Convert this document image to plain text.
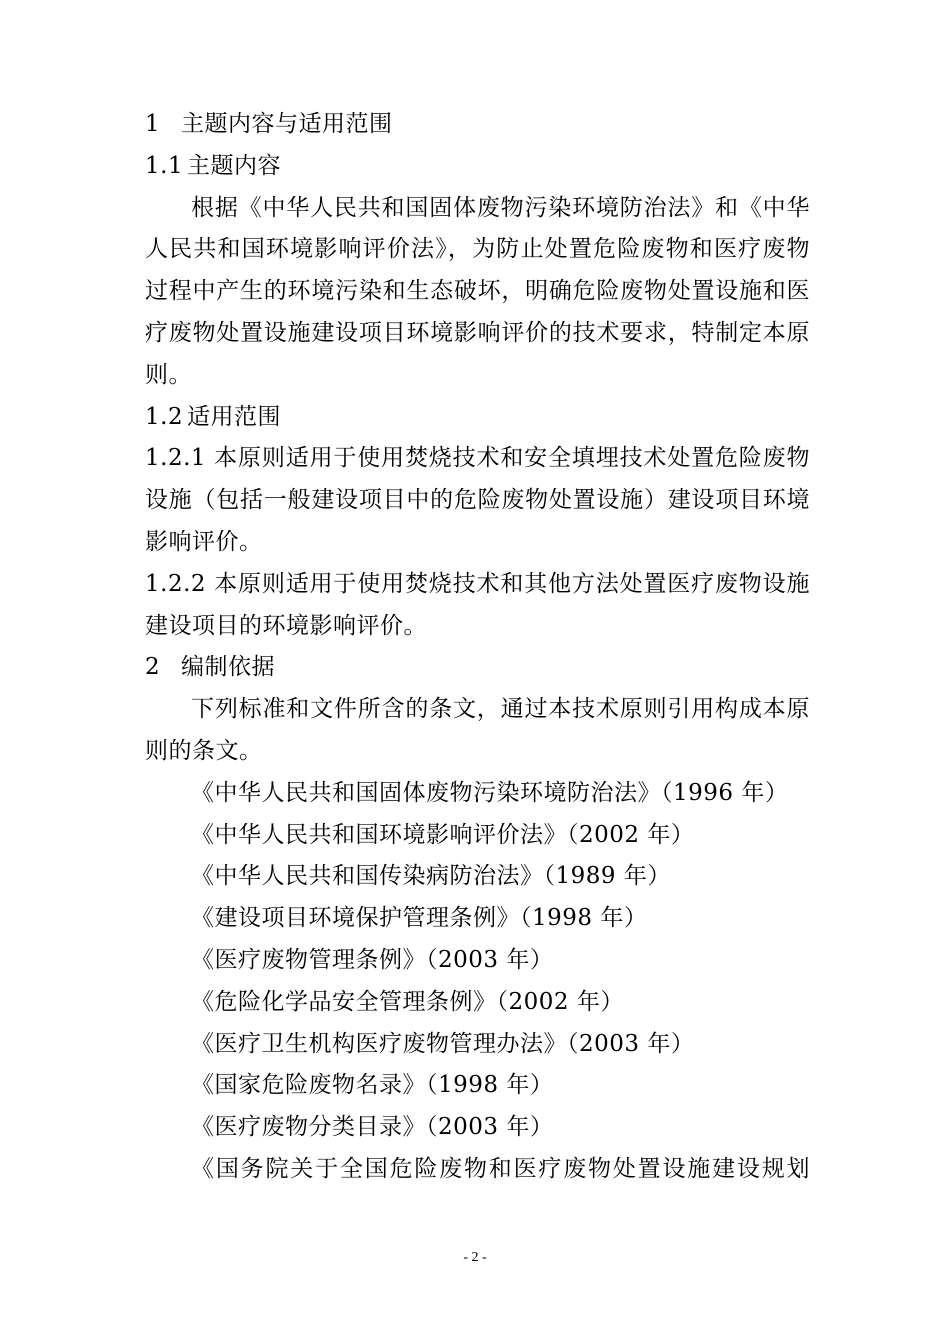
1 主题内容与适用范围
1.1 主题内容
根据《中华人民共和国固体废物污染环境防治法》和《中华
人民共和国环境影响评价法》，为防止处置危险废物和医疗废物
过程中产生的环境污染和生态破坏，明确危险废物处置设施和医
疗废物处置设施建设项目环境影响评价的技术要求，特制定本原
则。
1.2 适用范围
1.2.1 本原则适用于使用焚烧技术和安全填埋技术处置危险废物
设施（包括一般建设项目中的危险废物处置设施）建设项目环境
影响评价。
1.2.2 本原则适用于使用焚烧技术和其他方法处置医疗废物设施
建设项目的环境影响评价。
2 编制依据
下列标准和文件所含的条文，通过本技术原则引用构成本原
则的条文。
《中华人民共和国固体废物污染环境防治法》（1996 年）
《中华人民共和国环境影响评价法》（2002 年）
《中华人民共和国传染病防治法》（1989 年）
《建设项目环境保护管理条例》（1998 年）
《医疗废物管理条例》（2003 年）
《危险化学品安全管理条例》（2002 年）
《医疗卫生机构医疗废物管理办法》（2003 年）
《国家危险废物名录》（1998 年）
《医疗废物分类目录》（2003 年）
《国务院关于全国危险废物和医疗废物处置设施建设规划
- 2 -
